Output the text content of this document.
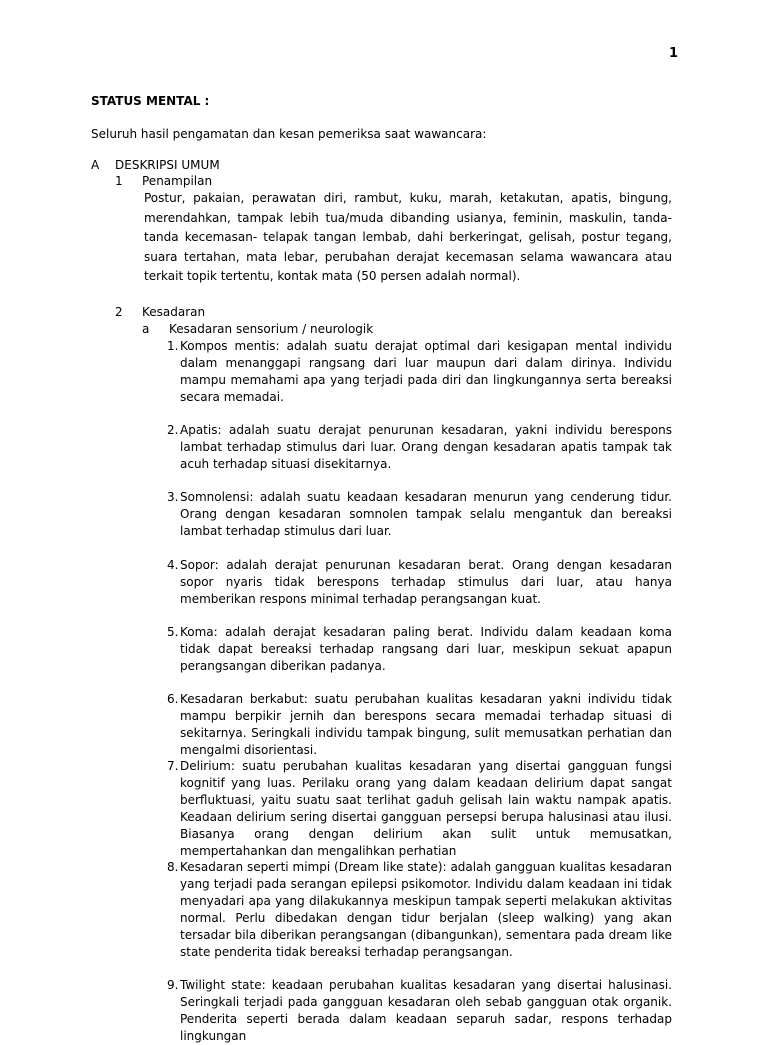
1
STATUS MENTAL :
Seluruh hasil pengamatan dan kesan pemeriksa saat wawancara:
A DESKRIPSI UMUM
1 Penampilan
Postur, pakaian, perawatan diri, rambut, kuku, marah, ketakutan, apatis, bingung, merendahkan, tampak lebih tua/muda dibanding usianya, feminin, maskulin, tanda-tanda kecemasan- telapak tangan lembab, dahi berkeringat, gelisah, postur tegang, suara tertahan, mata lebar, perubahan derajat kecemasan selama wawancara atau terkait topik tertentu, kontak mata (50 persen adalah normal).
2 Kesadaran
a Kesadaran sensorium / neurologik
1. Kompos mentis: adalah suatu derajat optimal dari kesigapan mental individu dalam menanggapi rangsang dari luar maupun dari dalam dirinya. Individu mampu memahami apa yang terjadi pada diri dan lingkungannya serta bereaksi secara memadai.
2. Apatis: adalah suatu derajat penurunan kesadaran, yakni individu berespons lambat terhadap stimulus dari luar. Orang dengan kesadaran apatis tampak tak acuh terhadap situasi disekitarnya.
3. Somnolensi: adalah suatu keadaan kesadaran menurun yang cenderung tidur. Orang dengan kesadaran somnolen tampak selalu mengantuk dan bereaksi lambat terhadap stimulus dari luar.
4. Sopor: adalah derajat penurunan kesadaran berat. Orang dengan kesadaran sopor nyaris tidak berespons terhadap stimulus dari luar, atau hanya memberikan respons minimal terhadap perangsangan kuat.
5. Koma: adalah derajat kesadaran paling berat. Individu dalam keadaan koma tidak dapat bereaksi terhadap rangsang dari luar, meskipun sekuat apapun perangsangan diberikan padanya.
6. Kesadaran berkabut: suatu perubahan kualitas kesadaran yakni individu tidak mampu berpikir jernih dan berespons secara memadai terhadap situasi di sekitarnya. Seringkali individu tampak bingung, sulit memusatkan perhatian dan mengalmi disorientasi.
7. Delirium: suatu perubahan kualitas kesadaran yang disertai gangguan fungsi kognitif yang luas. Perilaku orang yang dalam keadaan delirium dapat sangat berfluktuasi, yaitu suatu saat terlihat gaduh gelisah lain waktu nampak apatis. Keadaan delirium sering disertai gangguan persepsi berupa halusinasi atau ilusi. Biasanya orang dengan delirium akan sulit untuk memusatkan, mempertahankan dan mengalihkan perhatian
8. Kesadaran seperti mimpi (Dream like state): adalah gangguan kualitas kesadaran yang terjadi pada serangan epilepsi psikomotor. Individu dalam keadaan ini tidak menyadari apa yang dilakukannya meskipun tampak seperti melakukan aktivitas normal. Perlu dibedakan dengan tidur berjalan (sleep walking) yang akan tersadar bila diberikan perangsangan (dibangunkan), sementara pada dream like state penderita tidak bereaksi terhadap perangsangan.
9. Twilight state: keadaan perubahan kualitas kesadaran yang disertai halusinasi. Seringkali terjadi pada gangguan kesadaran oleh sebab gangguan otak organik. Penderita seperti berada dalam keadaan separuh sadar, respons terhadap lingkungan
